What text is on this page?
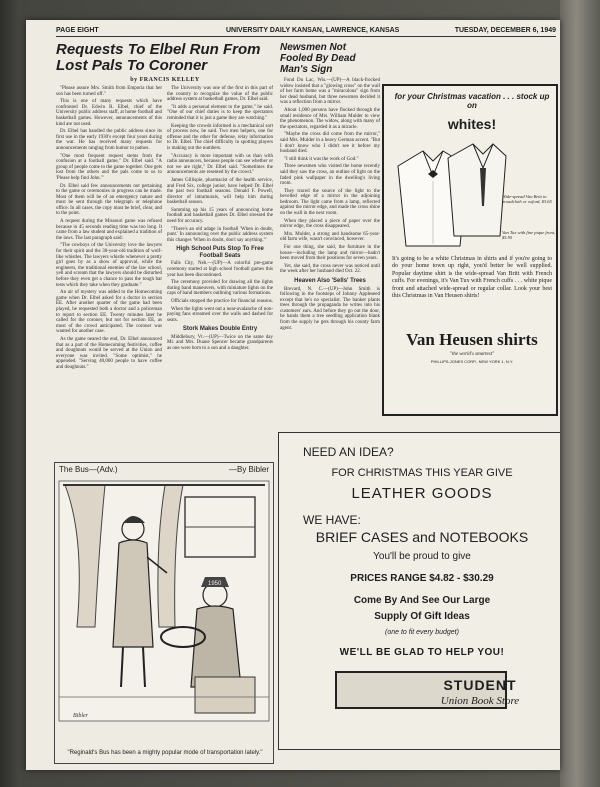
PAGE EIGHT	UNIVERSITY DAILY KANSAN, LAWRENCE, KANSAS	TUESDAY, DECEMBER 6, 1949
Requests To Elbel Run From Lost Pals To Coroner
by FRANCIS KELLEY

"Please assure Mrs. Smith from Emporia that her son has been turned off."

This is one of many requests which have confronted Dr. Edwin R. Elbel, chief of the University public address staff, at home football and basketball games. However, announcements of this kind are not used.

Dr. Elbel has handled the public address since its first use in the early 1930's except four years during the war. He has received many requests for announcements ranging from humor to pathos.

"One most frequent request stems from the confusion at a football game," Dr. Elbel said. "A group of people come to the game together. One gets lost from the others and the pals come to us to 'Please help find John.'"

Dr. Elbel said few announcements not pertaining to the game or ceremonies in progress can be made. Most of them will be of an emergency nature and must be sent through the telegraph or telephone office. In all cases, the copy must be brief, clear, and to the point.

A request during the Missouri game was refused because in 45 seconds reading time was too long. It came from a law student and explained a tradition of the laws. The last paragraph said:

"The cowboys of the University love the lawyers for their spirit and the 30-year-old tradition of wolf-like whistles. The lawyers whistle whenever a pretty girl goes by as a show of approval, while the engineers, the traditional enemies of the law school, yell and scream that the lawyers should be disturbed before they even get a chance to pass the tough bar tests which they take when they graduate."

An air of mystery was added to the Homecoming game when Dr. Elbel asked for a doctor in section EE. After another quarter of the game had been played, he requested both a doctor and a policeman to report to section EE. Twenty minutes later he called for the coroner, but not for section EE, as most of the crowd anticipated. The coroner was wanted for another case.

As the game neared the end, Dr. Elbel announced that as a part of the Homecoming festivities, coffee and doughnuts would be served at the Union and everyone was invited. "Some optimist," he appended. "Serving 40,000 people to have coffee and doughnuts."

The University was one of the first in this part of the country to recognize the value of the public address system at basketball games, Dr. Elbel said.

"It adds a personal element to the game," he said. "One of our chief duties is to keep the spectators reminded that it is just a game they are watching."

Keeping the crowds informed is a mechanical sort of process now, he said. Two men helpers, one for offense and the other for defense, relay information to Dr. Elbel. The chief difficulty in spotting players is making out the numbers.

"Accuracy is more important with us than with radio announcers, because people can see whether or not we are right," Dr. Elbel said. "Sometimes the announcements are resented by the crowd."

James Gillispie, pharmacist of the health service, and Fred Six, college junior, have helped Dr. Elbel the past two football seasons. Donald F. Powell, director of intramurals, will help him during basketball season.

Summing up his 15 years of announcing home football and basketball games Dr. Elbel stressed the need for accuracy.

"There's an old adage in football 'When in doubt, punt.' In announcing over the public address system this changes 'When in doubt, don't say anything.'"

High School Puts Stop To Free Football Seats

Falls City, Neb.—(UP)—A colorful pre-game ceremony started at high school football games this year has been discontinued.

The ceremony provided for drawing all the lights during band maneuvers, with miniature lights on the caps of band members outlining various formations.

Officials stopped the practice for financial reasons.

When the lights went out a near-avalanche of non-paying fans streamed over the walls and dashed for seats.

Stork Makes Double Entry

Middlebury, Vt.—(UP)—Twice on the same day Mr. and Mrs. Duane Spencer became grandparents as one were born to a son and a daughter.

The Bus—(Adv.)	—By Bibler
1950
Bibler
"Reginald's Bus has been a mighty popular mode of transportation lately."
Newsmen Not Fooled By Dead Man's Sign

Fond Du Lac, Wis.—(UP)—A black-frocked widow insisted that a "glowing cross" on the wall of her farm home was a "miraculous" sign from her dead husband, but three newsmen decided it was a reflection from a mirror.

About 1,000 persons have flocked through the small residence of Mrs. William Mulder to view the phenomenon. The widow, along with many of the spectators, regarded it as a miracle.

"Maybe the cross did come from the mirror," said Mrs. Mulder in a heavy German accent. "But I don't know who I didn't see it before my husband died.

"I still think it was the work of God."

Three newsmen who visited the home recently said they saw the cross, an outline of light on the faded pink wallpaper in the dwelling's living room.

They traced the source of the light to the bevelled edge of a mirror in the adjoining bedroom. The light came from a lamp, reflected against the mirror edge, and made the cross shine on the wall in the next room.

When they placed a piece of paper over the mirror edge, the cross disappeared.

Mrs. Mulder, a strong and handsome 65-year-old farm wife, wasn't convinced, however.

For one thing, she said, the furniture in the house—including the lamp and mirror—hadn't been moved from their positions for seven years.

Yet, she said, the cross never was noticed until the week after her husband died Oct. 22.

Heaven Also 'Sells' Trees

Brevard, N. C.—(UP)—John Smith is following in the footsteps of Johnny Appleseed except that he's no specialist. The banker plants trees through the propaganda he writes into his customers' ears. And before they go out the door, he hands them a tree seedling application blank from the supply he gets through his county farm agent.

for your Christmas vacation . . . stock up on
whites!
Wide-spread Van Britt in broadcloth or oxford, $3.65
Van Tux with fine pique front, $5.95
It's going to be a white Christmas in shirts and if you're going to do your home town up right, you'd better be well supplied. Popular daytime shirt is the wide-spread Van Britt with French cuffs. For evenings, it's Van Tux with French cuffs . . . white pique front and attached wide-spread or regular collar. Look your best this Christmas in Van Heusen shirts!
Van Heusen shirts
"the world's smartest"
PHILLIPS-JONES CORP., NEW YORK 1, N.Y.
NEED AN IDEA?
FOR CHRISTMAS THIS YEAR GIVE
LEATHER GOODS
WE HAVE:
BRIEF CASES and NOTEBOOKS
You'll be proud to give
PRICES RANGE $4.82 - $30.29
Come By And See Our Large
Supply Of Gift Ideas
(one to fit every budget)
WE'LL BE GLAD TO HELP YOU!
STUDENT
Union Book Store
